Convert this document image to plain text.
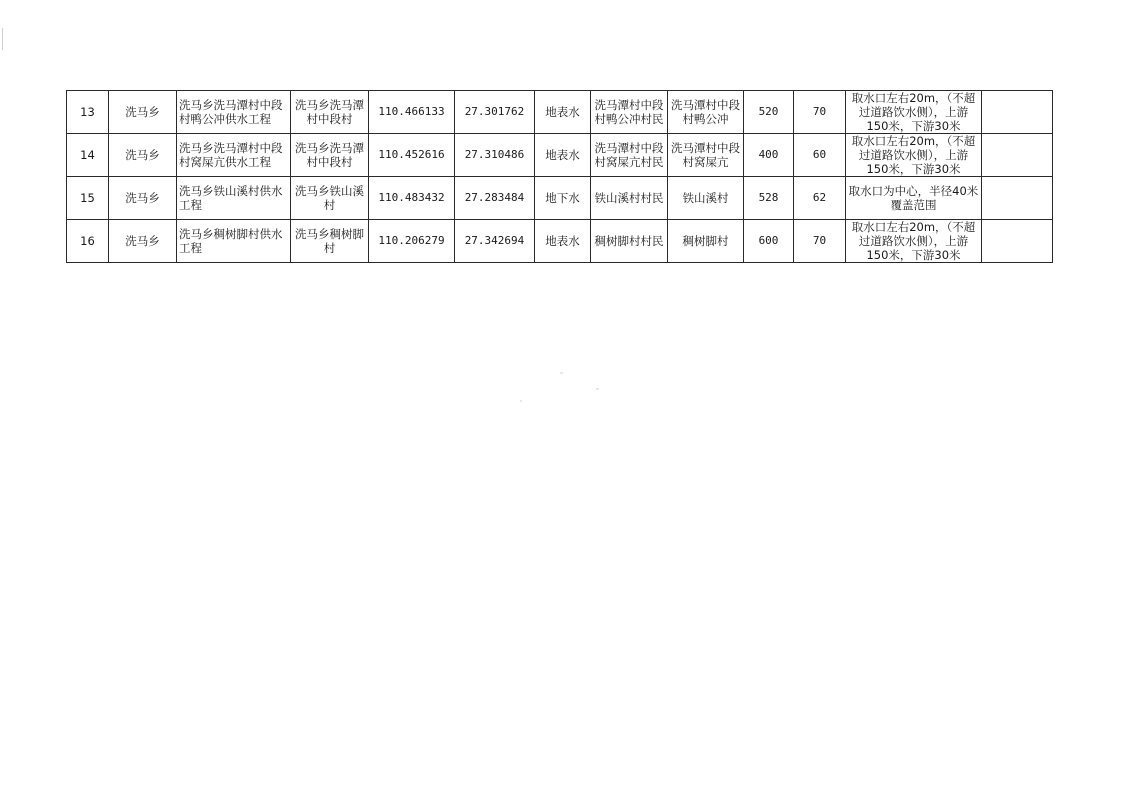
13	洗马乡	洗马乡洗马潭村中段村鸭公冲供水工程	洗马乡洗马潭村中段村	110.466133	27.301762	地表水	洗马潭村中段村鸭公冲村民	洗马潭村中段村鸭公冲	520	70	取水口左右20m，（不超过道路饮水侧），上游150米，下游30米	
14	洗马乡	洗马乡洗马潭村中段村窝屎亢供水工程	洗马乡洗马潭村中段村	110.452616	27.310486	地表水	洗马潭村中段村窝屎亢村民	洗马潭村中段村窝屎亢	400	60	取水口左右20m，（不超过道路饮水侧），上游150米，下游30米	
15	洗马乡	洗马乡铁山溪村供水工程	洗马乡铁山溪村	110.483432	27.283484	地下水	铁山溪村村民	铁山溪村	528	62	取水口为中心，半径40米覆盖范围	
16	洗马乡	洗马乡稠树脚村供水工程	洗马乡稠树脚村	110.206279	27.342694	地表水	稠树脚村村民	稠树脚村	600	70	取水口左右20m，（不超过道路饮水侧），上游150米，下游30米	
